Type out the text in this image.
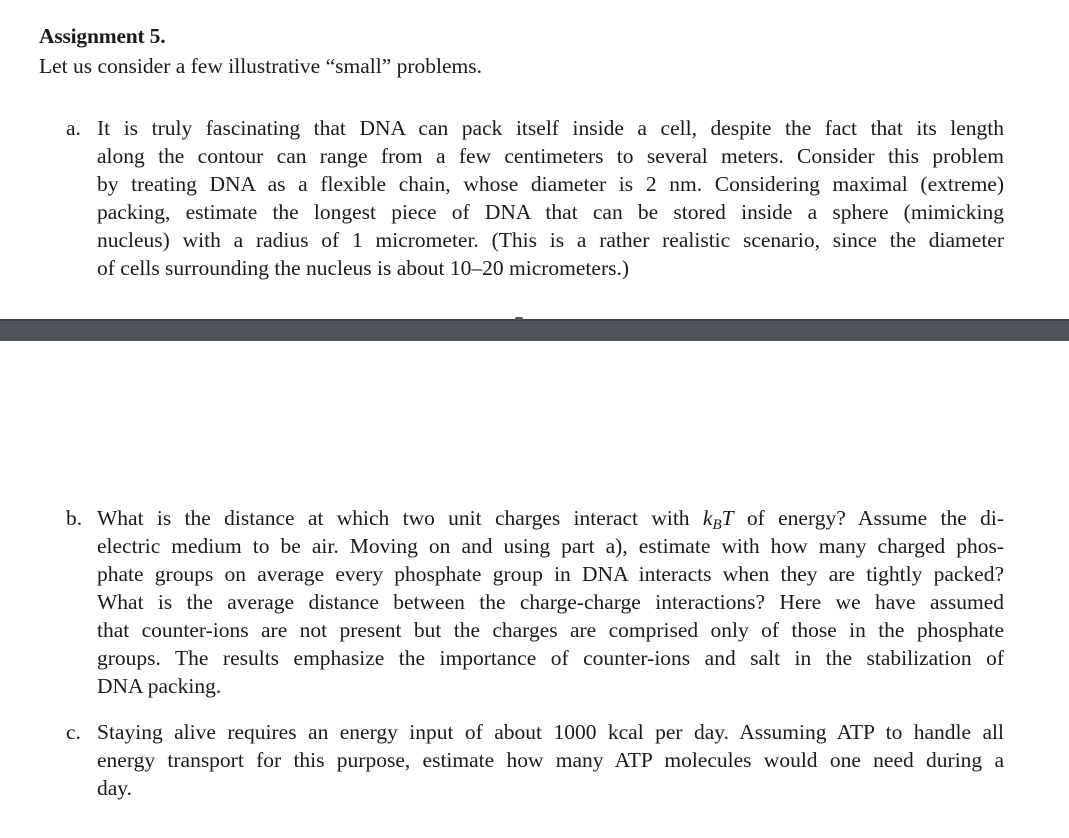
Assignment 5.
Let us consider a few illustrative “small” problems.
a. It is truly fascinating that DNA can pack itself inside a cell, despite the fact that its length
along the contour can range from a few centimeters to several meters. Consider this problem
by treating DNA as a flexible chain, whose diameter is 2 nm. Considering maximal (extreme)
packing, estimate the longest piece of DNA that can be stored inside a sphere (mimicking
nucleus) with a radius of 1 micrometer. (This is a rather realistic scenario, since the diameter
of cells surrounding the nucleus is about 10–20 micrometers.)
b. What is the distance at which two unit charges interact with $k_BT$ of energy? Assume the di-
electric medium to be air. Moving on and using part a), estimate with how many charged phos-
phate groups on average every phosphate group in DNA interacts when they are tightly packed?
What is the average distance between the charge-charge interactions? Here we have assumed
that counter-ions are not present but the charges are comprised only of those in the phosphate
groups. The results emphasize the importance of counter-ions and salt in the stabilization of
DNA packing.
c. Staying alive requires an energy input of about 1000 kcal per day. Assuming ATP to handle all
energy transport for this purpose, estimate how many ATP molecules would one need during a
day.
